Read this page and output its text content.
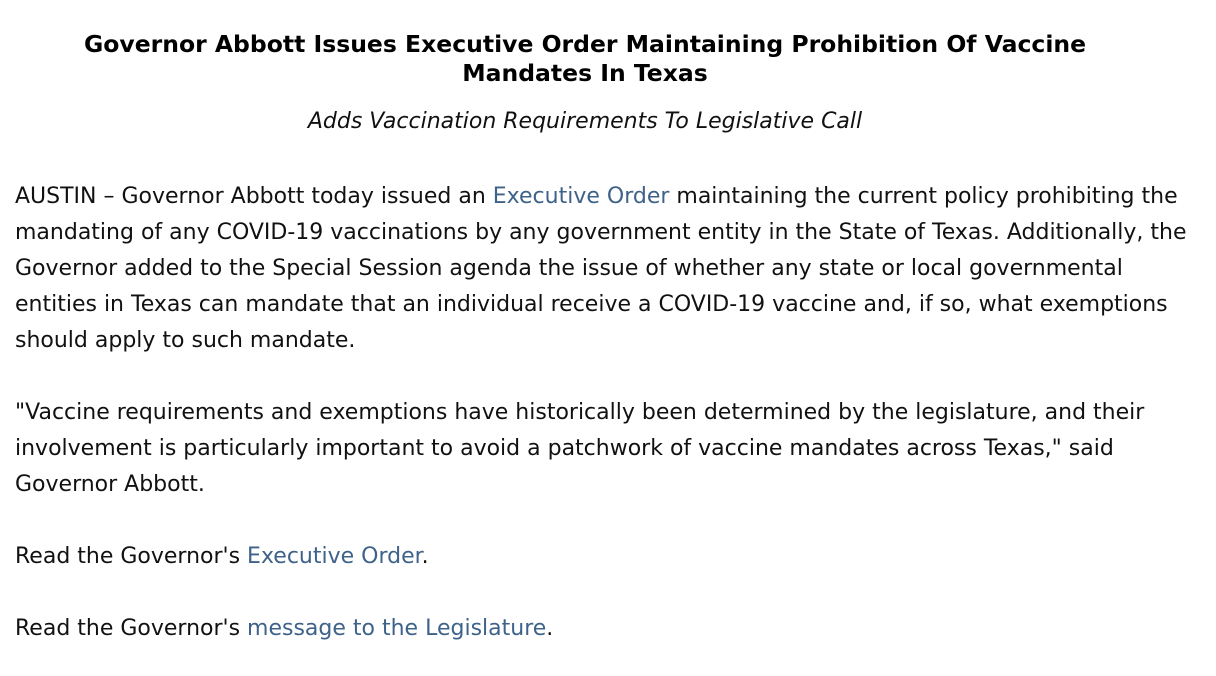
Governor Abbott Issues Executive Order Maintaining Prohibition Of Vaccine Mandates In Texas

Adds Vaccination Requirements To Legislative Call

AUSTIN – Governor Abbott today issued an Executive Order maintaining the current policy prohibiting the mandating of any COVID-19 vaccinations by any government entity in the State of Texas. Additionally, the Governor added to the Special Session agenda the issue of whether any state or local governmental entities in Texas can mandate that an individual receive a COVID-19 vaccine and, if so, what exemptions should apply to such mandate.

"Vaccine requirements and exemptions have historically been determined by the legislature, and their involvement is particularly important to avoid a patchwork of vaccine mandates across Texas," said Governor Abbott.

Read the Governor's Executive Order.

Read the Governor's message to the Legislature.
